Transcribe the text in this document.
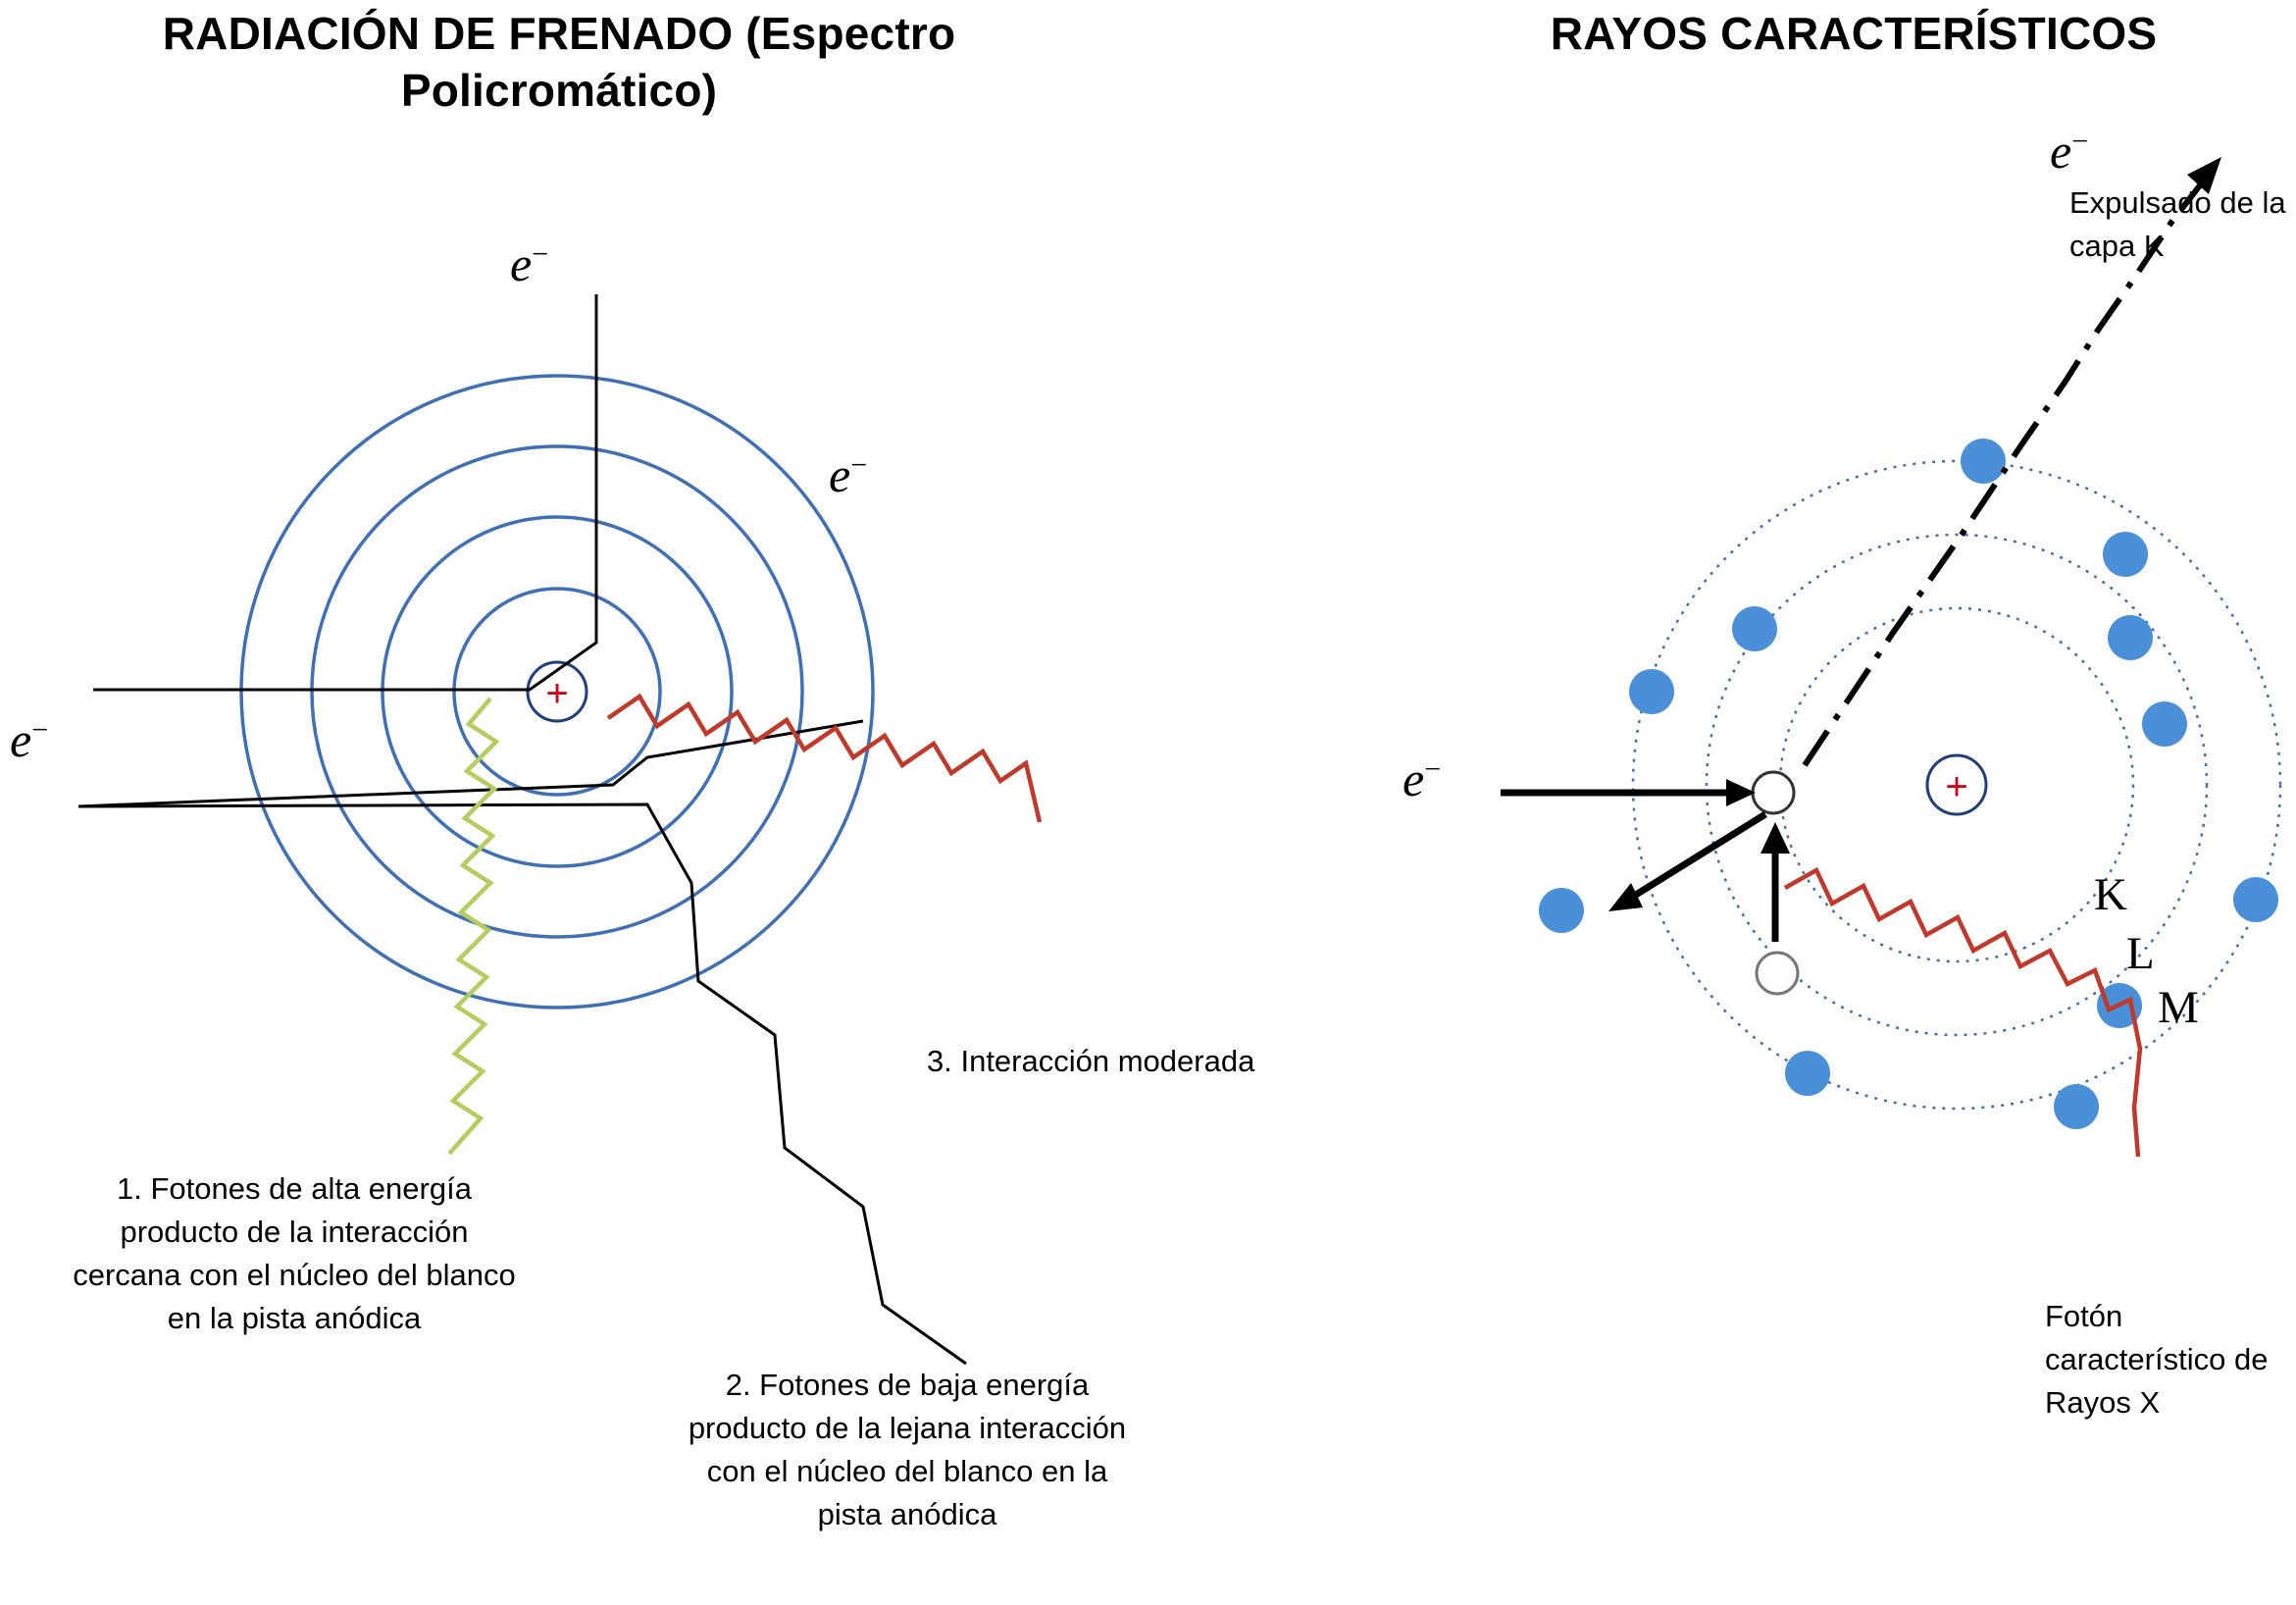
RADIACIÓN DE FRENADO (Espectro Policromático)
RAYOS CARACTERÍSTICOS
+
e−
e−
e−
1. Fotones de alta energía producto de la interacción cercana con el núcleo del blanco en la pista anódica
2. Fotones de baja energía producto de la lejana interacción con el núcleo del blanco en la pista anódica
3. Interacción moderada
+
e−
e−
K
L
M
Expulsado de la capa K
Fotón característico de Rayos X
